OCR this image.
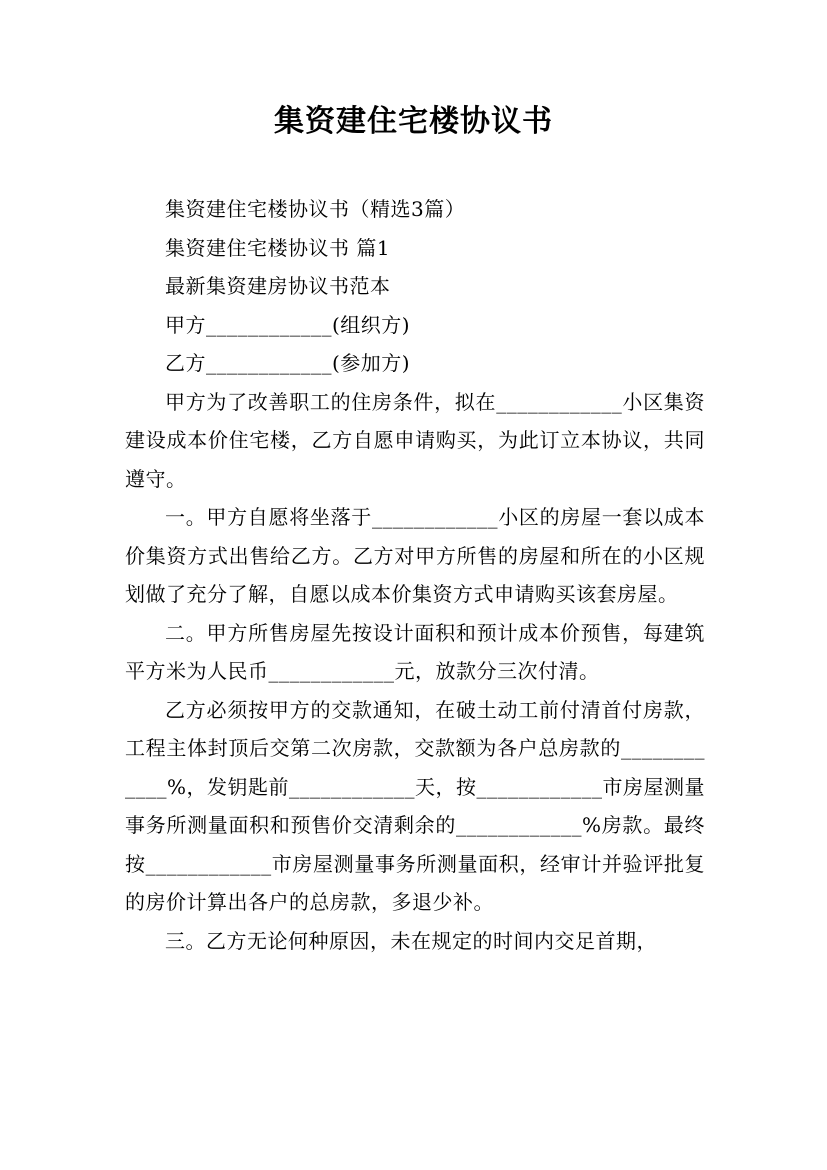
集资建住宅楼协议书

集资建住宅楼协议书（精选3篇）

集资建住宅楼协议书 篇1

最新集资建房协议书范本

甲方____________(组织方)

乙方____________(参加方)

甲方为了改善职工的住房条件，拟在____________小区集资建设成本价住宅楼，乙方自愿申请购买，为此订立本协议，共同遵守。

一。甲方自愿将坐落于____________小区的房屋一套以成本价集资方式出售给乙方。乙方对甲方所售的房屋和所在的小区规划做了充分了解，自愿以成本价集资方式申请购买该套房屋。

二。甲方所售房屋先按设计面积和预计成本价预售，每建筑平方米为人民币____________元，放款分三次付清。

乙方必须按甲方的交款通知，在破土动工前付清首付房款，工程主体封顶后交第二次房款，交款额为各户总房款的____________%，发钥匙前____________天，按____________市房屋测量事务所测量面积和预售价交清剩余的____________%房款。最终按____________市房屋测量事务所测量面积，经审计并验评批复的房价计算出各户的总房款，多退少补。

三。乙方无论何种原因，未在规定的时间内交足首期，
